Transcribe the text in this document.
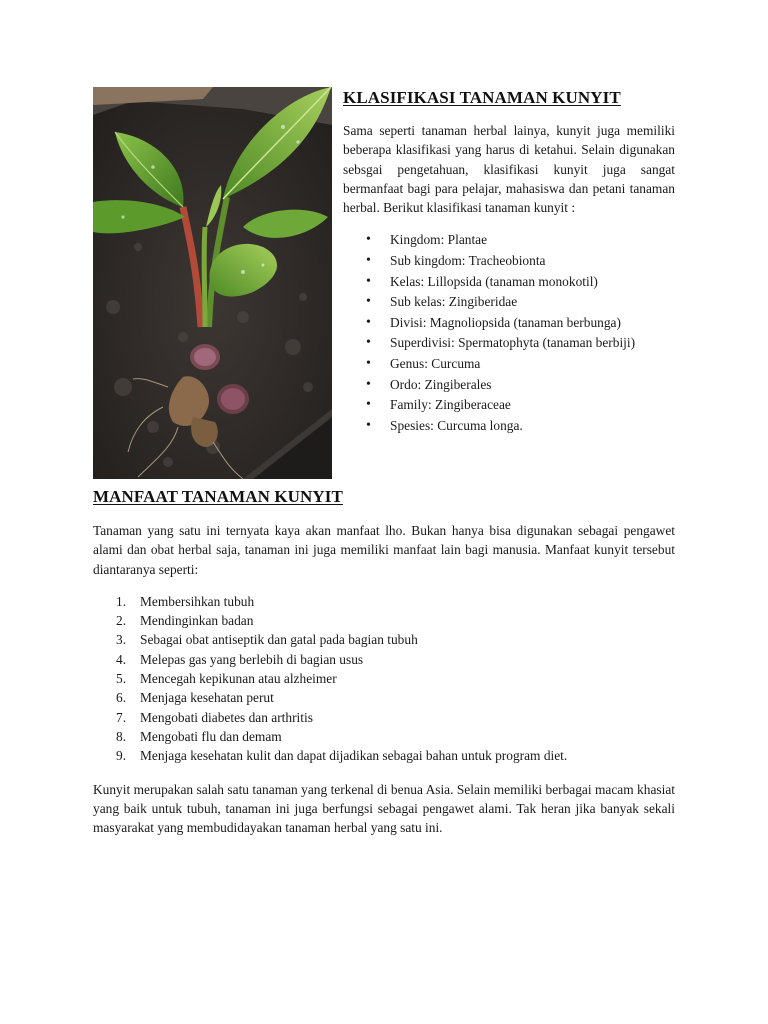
KLASIFIKASI TANAMAN KUNYIT

Sama seperti tanaman herbal lainya, kunyit juga memiliki beberapa klasifikasi yang harus di ketahui. Selain digunakan sebsgai pengetahuan, klasifikasi kunyit juga sangat bermanfaat bagi para pelajar, mahasiswa dan petani tanaman herbal. Berikut klasifikasi tanaman kunyit :

• Kingdom: Plantae
• Sub kingdom: Tracheobionta
• Kelas: Lillopsida (tanaman monokotil)
• Sub kelas: Zingiberidae
• Divisi: Magnoliopsida (tanaman berbunga)
• Superdivisi: Spermatophyta (tanaman berbiji)
• Genus: Curcuma
• Ordo: Zingiberales
• Family: Zingiberaceae
• Spesies: Curcuma longa.
MANFAAT TANAMAN KUNYIT

Tanaman yang satu ini ternyata kaya akan manfaat lho. Bukan hanya bisa digunakan sebagai pengawet alami dan obat herbal saja, tanaman ini juga memiliki manfaat lain bagi manusia. Manfaat kunyit tersebut diantaranya seperti:

1.	Membersihkan tubuh
2.	Mendinginkan badan
3.	Sebagai obat antiseptik dan gatal pada bagian tubuh
4.	Melepas gas yang berlebih di bagian usus
5.	Mencegah kepikunan atau alzheimer
6.	Menjaga kesehatan perut
7.	Mengobati diabetes dan arthritis
8.	Mengobati flu dan demam
9.	Menjaga kesehatan kulit dan dapat dijadikan sebagai bahan untuk program diet.

Kunyit merupakan salah satu tanaman yang terkenal di benua Asia. Selain memiliki berbagai macam khasiat yang baik untuk tubuh, tanaman ini juga berfungsi sebagai pengawet alami. Tak heran jika banyak sekali masyarakat yang membudidayakan tanaman herbal yang satu ini.
